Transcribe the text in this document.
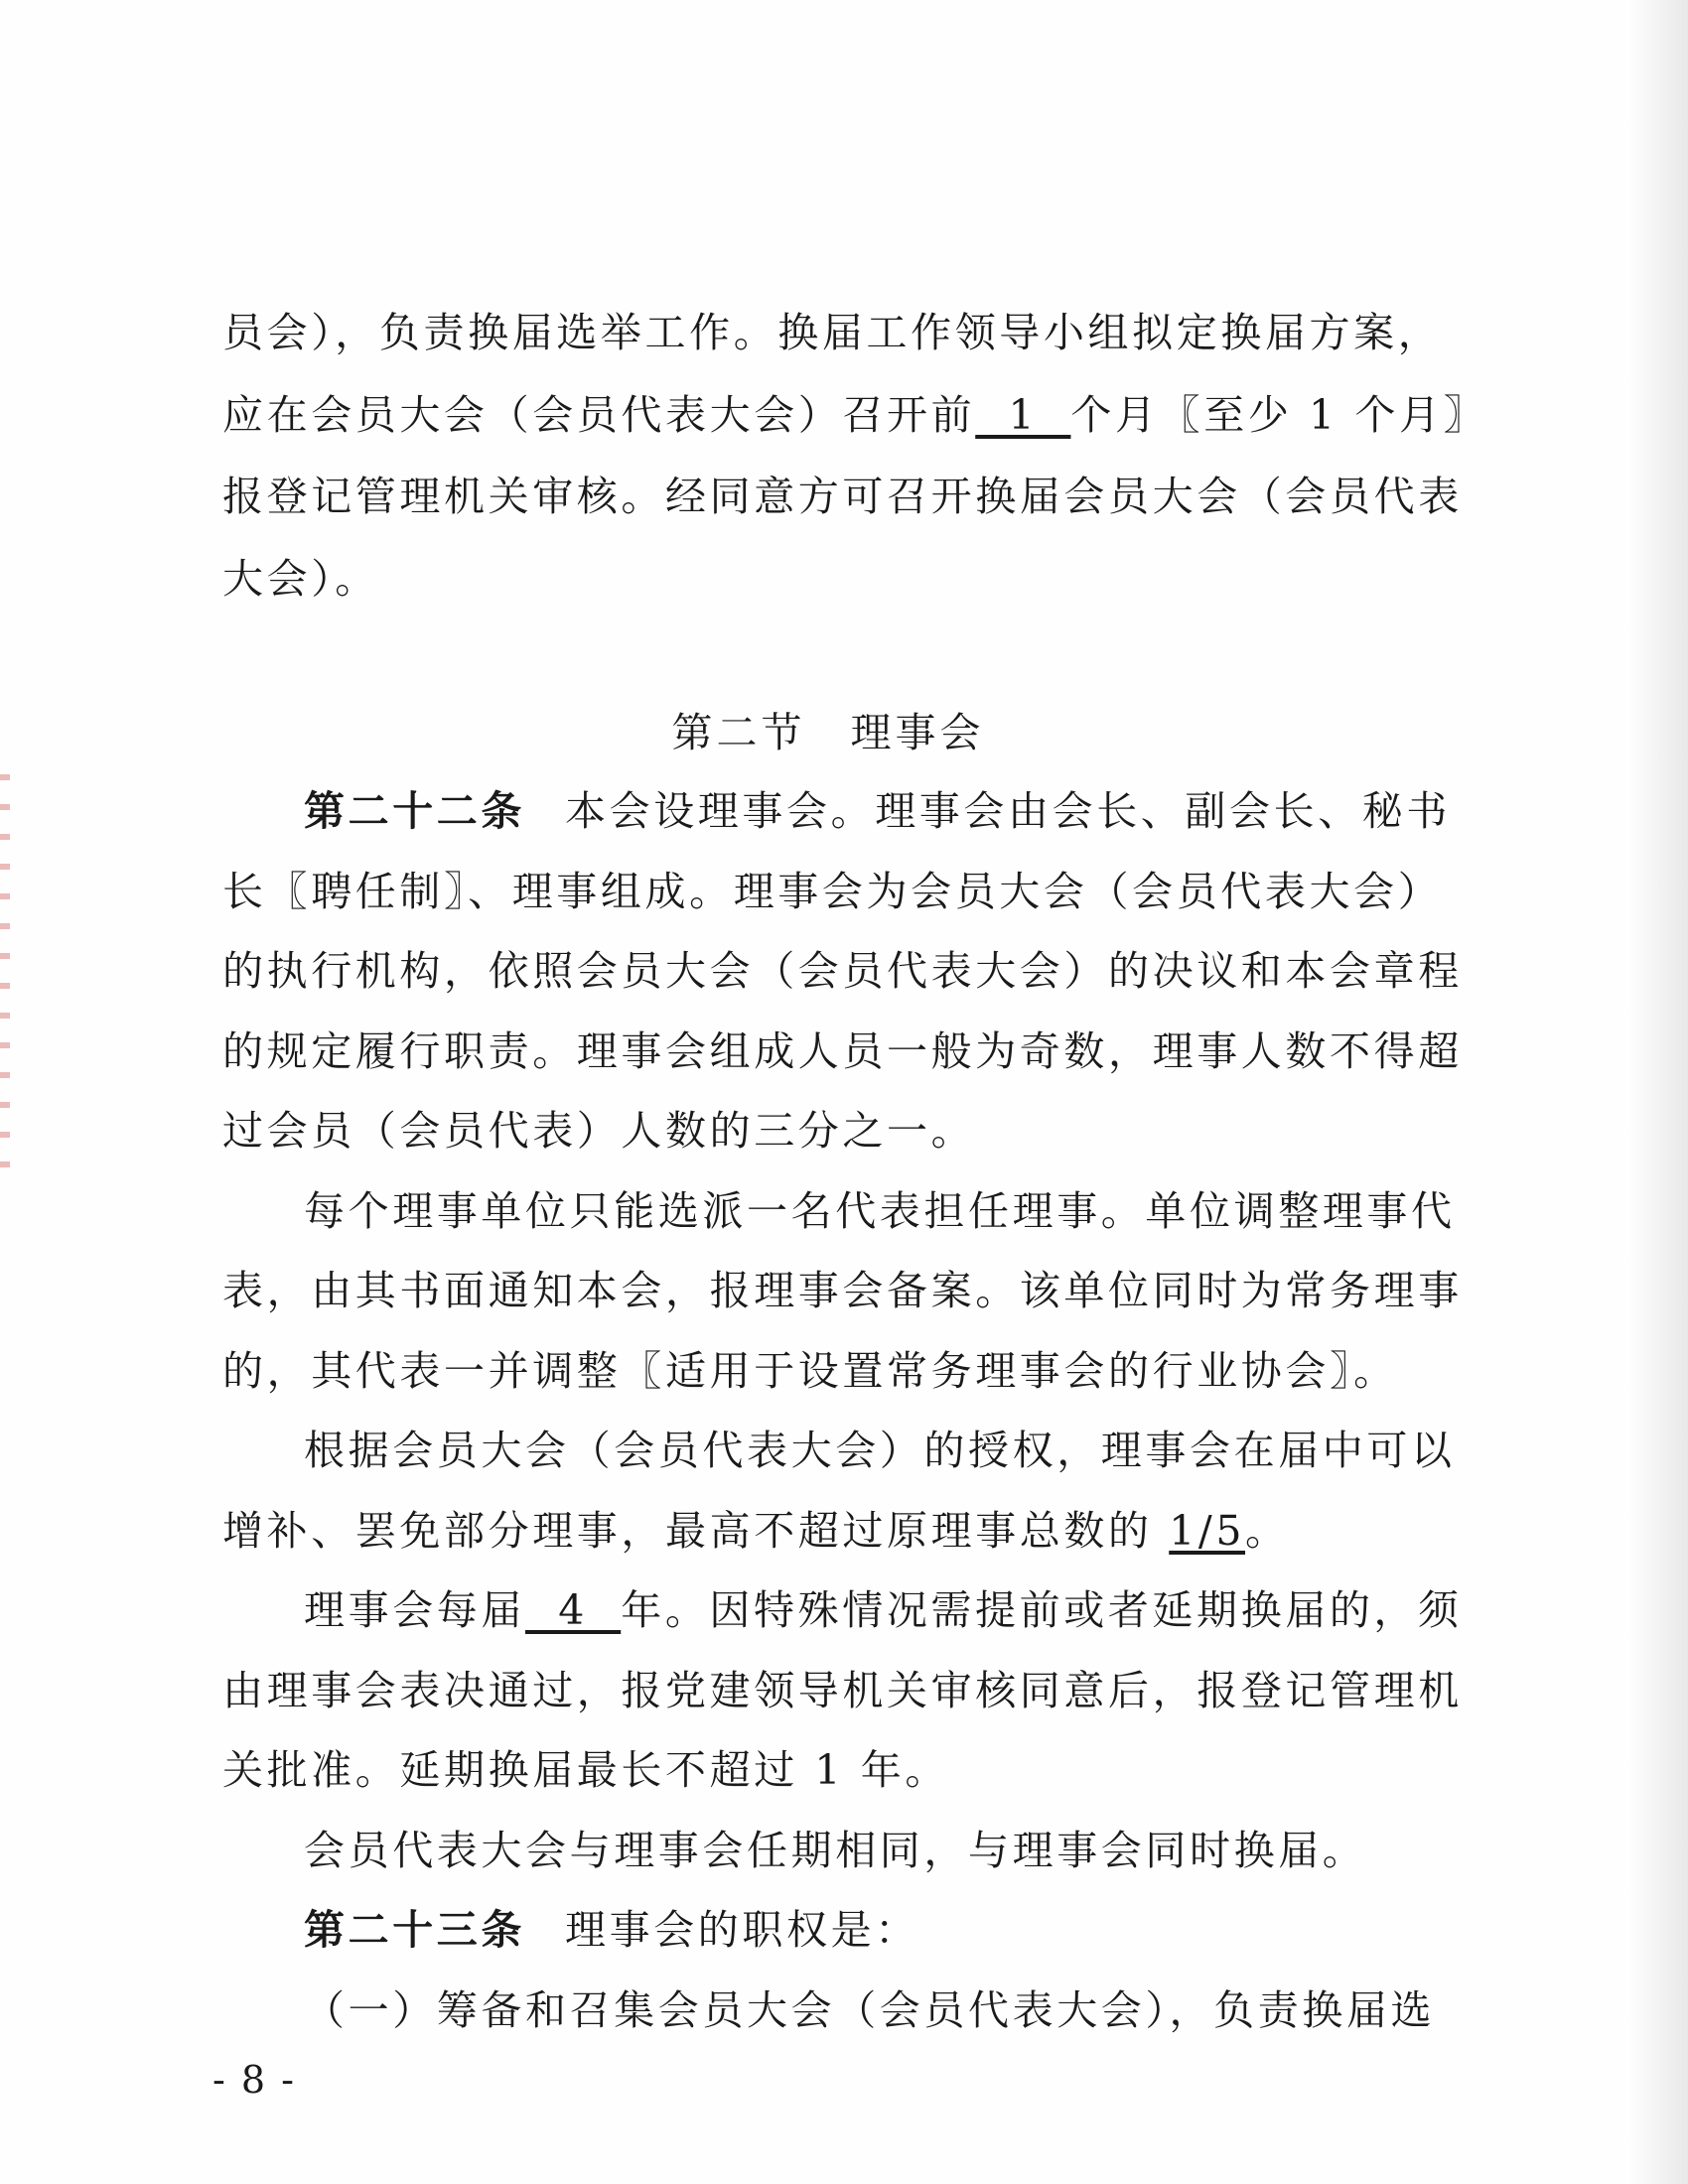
员会），负责换届选举工作。换届工作领导小组拟定换届方案，
应在会员大会（会员代表大会）召开前  1  个月〖至少 1 个月〗
报登记管理机关审核。经同意方可召开换届会员大会（会员代表
大会）。
第二节　理事会
第二十二条 本会设理事会。理事会由会长、副会长、秘书
长〖聘任制〗、理事组成。理事会为会员大会（会员代表大会）
的执行机构，依照会员大会（会员代表大会）的决议和本会章程
的规定履行职责。理事会组成人员一般为奇数，理事人数不得超
过会员（会员代表）人数的三分之一。
每个理事单位只能选派一名代表担任理事。单位调整理事代
表，由其书面通知本会，报理事会备案。该单位同时为常务理事
的，其代表一并调整〖适用于设置常务理事会的行业协会〗。
根据会员大会（会员代表大会）的授权，理事会在届中可以
增补、罢免部分理事，最高不超过原理事总数的 1/5。
理事会每届  4  年。因特殊情况需提前或者延期换届的，须
由理事会表决通过，报党建领导机关审核同意后，报登记管理机
关批准。延期换届最长不超过 1 年。
会员代表大会与理事会任期相同，与理事会同时换届。
第二十三条 理事会的职权是：
（一）筹备和召集会员大会（会员代表大会），负责换届选
- 8 -
